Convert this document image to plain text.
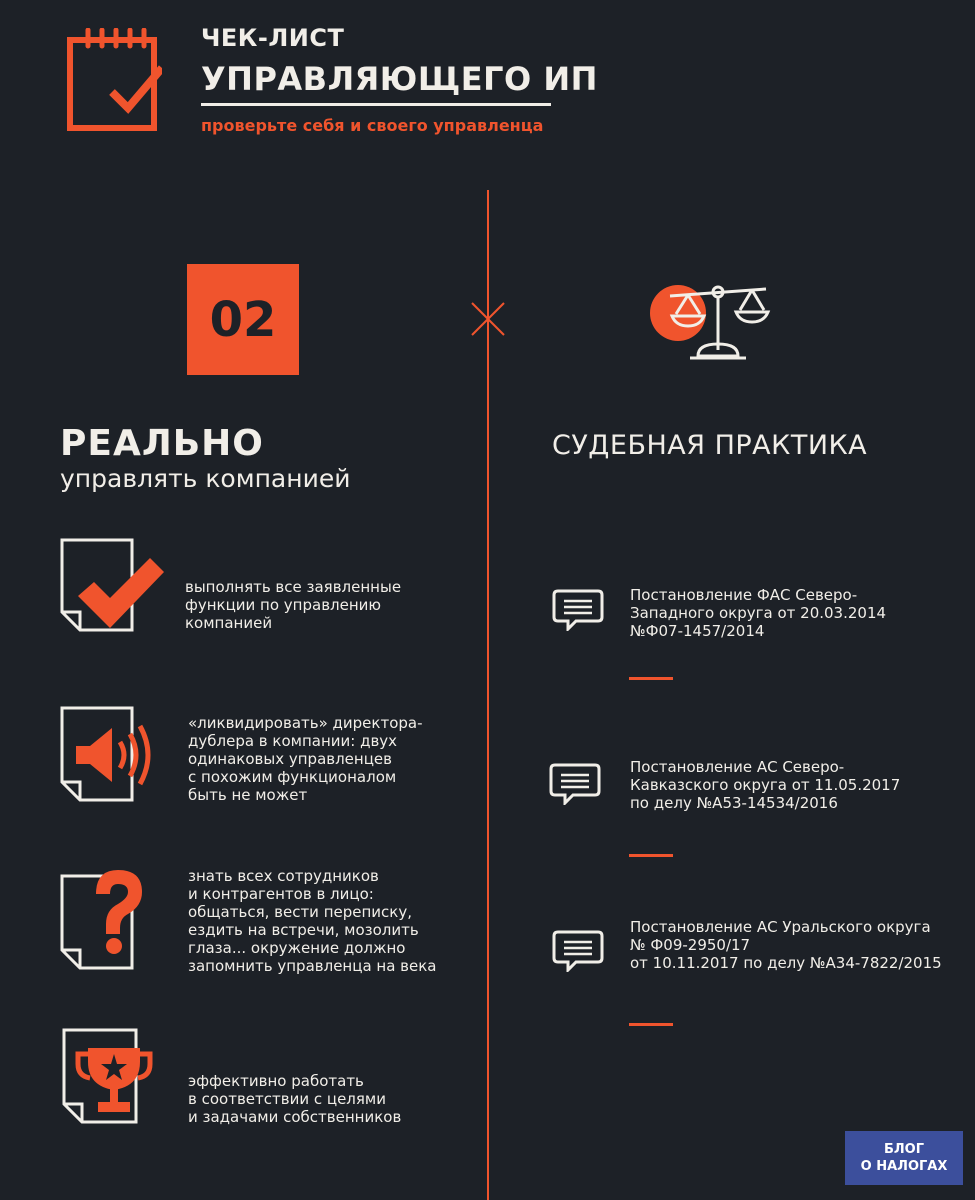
ЧЕК-ЛИСТ
УПРАВЛЯЮЩЕГО ИП
проверьте себя и своего управленца
02
РЕАЛЬНО
управлять компанией
СУДЕБНАЯ ПРАКТИКА
выполнять все заявленные
функции по управлению
компанией
«ликвидировать» директора-
дублера в компании: двух
одинаковых управленцев
с похожим функционалом
быть не может
знать всех сотрудников
и контрагентов в лицо:
общаться, вести переписку,
ездить на встречи, мозолить
глаза... окружение должно
запомнить управленца на века
эффективно работать
в соответствии с целями
и задачами собственников
Постановление ФАС Северо-
Западного округа от 20.03.2014
№Ф07-1457/2014
Постановление АС Северо-
Кавказского округа от 11.05.2017
по делу №А53-14534/2016
Постановление АС Уральского округа
№ Ф09-2950/17
от 10.11.2017 по делу №А34-7822/2015
БЛОГ
О НАЛОГАХ
